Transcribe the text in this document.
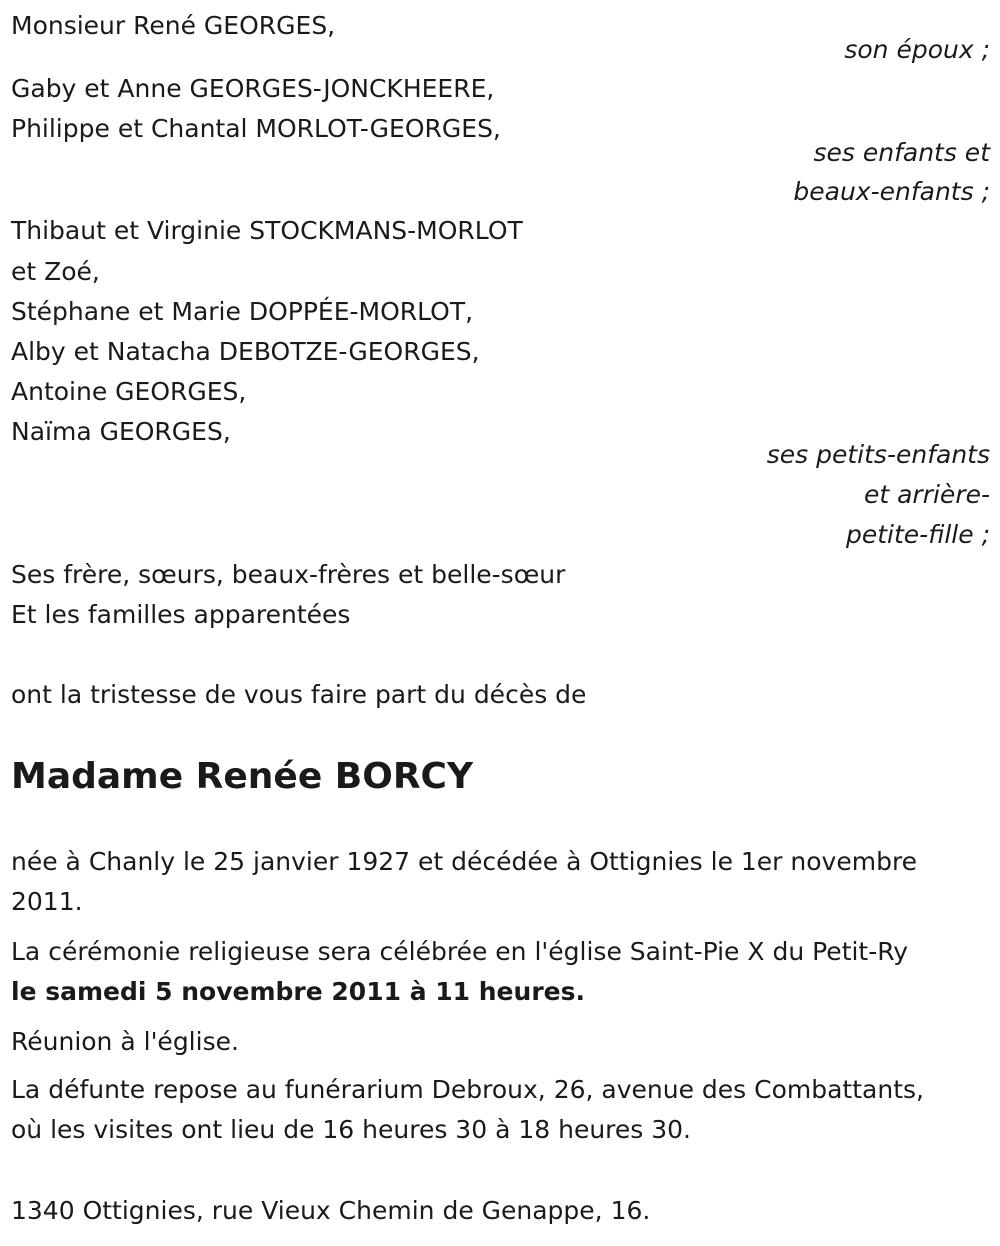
Monsieur René GEORGES,
son époux ;
Gaby et Anne GEORGES-JONCKHEERE,
Philippe et Chantal MORLOT-GEORGES,
ses enfants et
beaux-enfants ;
Thibaut et Virginie STOCKMANS-MORLOT
et Zoé,
Stéphane et Marie DOPPÉE-MORLOT,
Alby et Natacha DEBOTZE-GEORGES,
Antoine GEORGES,
Naïma GEORGES,
ses petits-enfants
et arrière-
petite-fille ;
Ses frère, sœurs, beaux-frères et belle-sœur
Et les familles apparentées
ont la tristesse de vous faire part du décès de
Madame Renée BORCY
née à Chanly le 25 janvier 1927 et décédée à Ottignies le 1er novembre
2011.
La cérémonie religieuse sera célébrée en l'église Saint-Pie X du Petit-Ry
le samedi 5 novembre 2011 à 11 heures.
Réunion à l'église.
La défunte repose au funérarium Debroux, 26, avenue des Combattants,
où les visites ont lieu de 16 heures 30 à 18 heures 30.
1340 Ottignies, rue Vieux Chemin de Genappe, 16.
